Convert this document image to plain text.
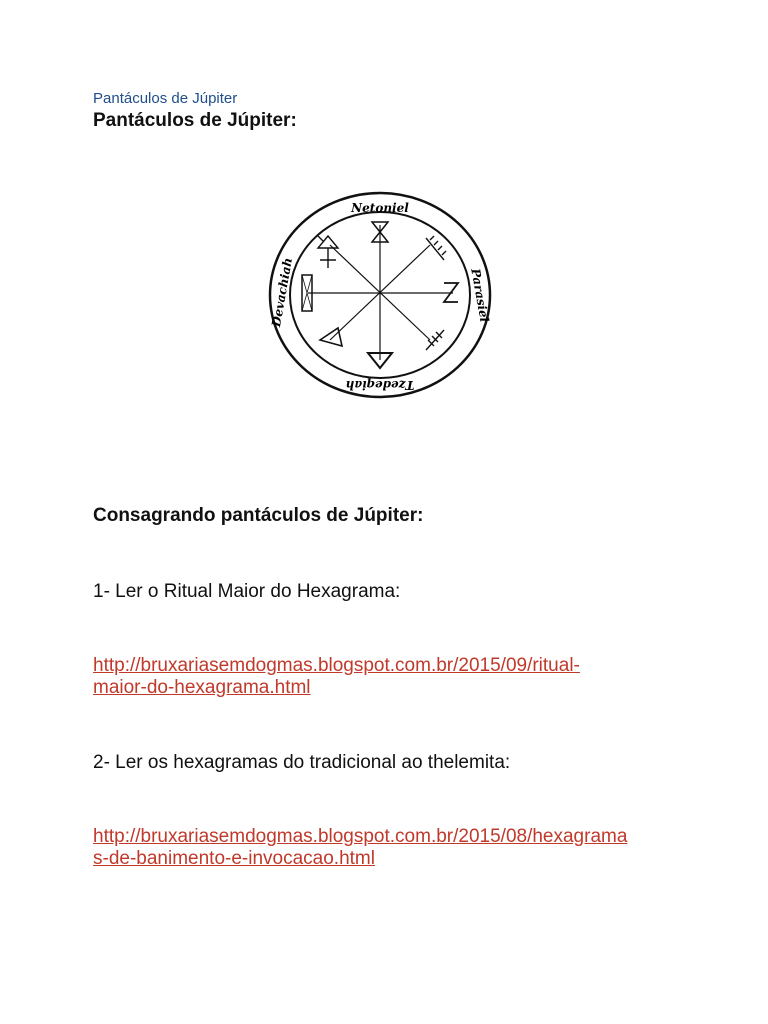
Pantáculos de Júpiter
Pantáculos de Júpiter:
Netoniel
Parasiel
Tzedeqiah
Devachiah
Consagrando pantáculos de Júpiter:
1- Ler o Ritual Maior do Hexagrama:
http://bruxariasemdogmas.blogspot.com.br/2015/09/ritual-
maior-do-hexagrama.html
2- Ler os hexagramas do tradicional ao thelemita:
http://bruxariasemdogmas.blogspot.com.br/2015/08/hexagrama
s-de-banimento-e-invocacao.html
